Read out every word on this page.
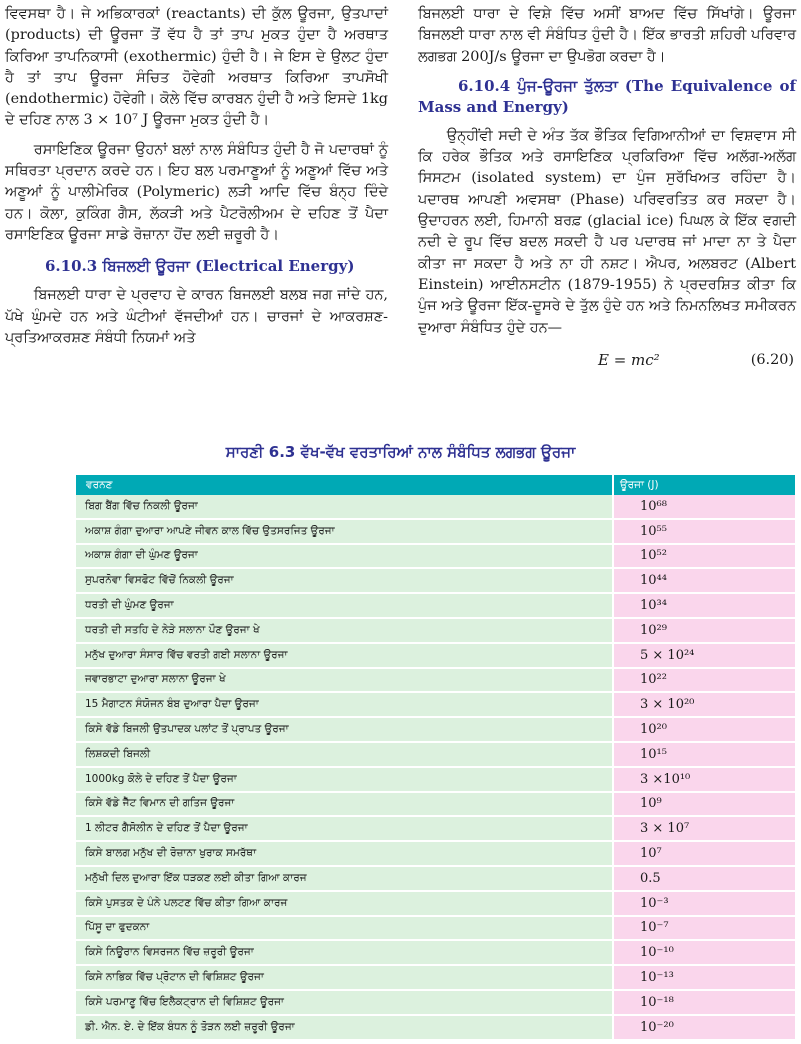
ਵਿਵਸਥਾ ਹੈ। ਜੇ ਅਭਿਕਾਰਕਾਂ (reactants) ਦੀ ਕੁੱਲ ਊਰਜਾ, ਉਤਪਾਦਾਂ (products) ਦੀ ਊਰਜਾ ਤੋਂ ਵੱਧ ਹੈ ਤਾਂ ਤਾਪ ਮੁਕਤ ਹੁੰਦਾ ਹੈ ਅਰਥਾਤ ਕਿਰਿਆ ਤਾਪਨਿਕਾਸੀ (exothermic) ਹੁੰਦੀ ਹੈ। ਜੇ ਇਸ ਦੇ ਉਲਟ ਹੁੰਦਾ ਹੈ ਤਾਂ ਤਾਪ ਊਰਜਾ ਸੰਚਿਤ ਹੋਵੇਗੀ ਅਰਥਾਤ ਕਿਰਿਆ ਤਾਪਸੋਖੀ (endothermic) ਹੋਵੇਗੀ। ਕੋਲੇ ਵਿੱਚ ਕਾਰਬਨ ਹੁੰਦੀ ਹੈ ਅਤੇ ਇਸਦੇ 1kg ਦੇ ਦਹਿਣ ਨਾਲ 3 × 10⁷ J ਊਰਜਾ ਮੁਕਤ ਹੁੰਦੀ ਹੈ।

ਰਸਾਇਣਿਕ ਊਰਜਾ ਉਹਨਾਂ ਬਲਾਂ ਨਾਲ ਸੰਬੰਧਿਤ ਹੁੰਦੀ ਹੈ ਜੋ ਪਦਾਰਥਾਂ ਨੂੰ ਸਥਿਰਤਾ ਪ੍ਰਦਾਨ ਕਰਦੇ ਹਨ। ਇਹ ਬਲ ਪਰਮਾਣੂਆਂ ਨੂੰ ਅਣੂਆਂ ਵਿੱਚ ਅਤੇ ਅਣੂਆਂ ਨੂੰ ਪਾਲੀਮੇਰਿਕ (Polymeric) ਲੜੀ ਆਦਿ ਵਿੱਚ ਬੰਨ੍ਹ ਦਿੰਦੇ ਹਨ। ਕੋਲਾ, ਕੁਕਿੰਗ ਗੈਸ, ਲੱਕੜੀ ਅਤੇ ਪੈਟਰੋਲੀਅਮ ਦੇ ਦਹਿਣ ਤੋਂ ਪੈਦਾ ਰਸਾਇਣਿਕ ਊਰਜਾ ਸਾਡੇ ਰੋਜ਼ਾਨਾ ਹੋਂਦ ਲਈ ਜ਼ਰੂਰੀ ਹੈ।

6.10.3 ਬਿਜਲਈ ਊਰਜਾ (Electrical Energy)

ਬਿਜਲਈ ਧਾਰਾ ਦੇ ਪ੍ਰਵਾਹ ਦੇ ਕਾਰਨ ਬਿਜਲਈ ਬਲਬ ਜਗ ਜਾਂਦੇ ਹਨ, ਪੱਖੇ ਘੁੰਮਦੇ ਹਨ ਅਤੇ ਘੰਟੀਆਂ ਵੱਜਦੀਆਂ ਹਨ। ਚਾਰਜਾਂ ਦੇ ਆਕਰਸ਼ਣ-ਪ੍ਰਤਿਆਕਰਸ਼ਣ ਸੰਬੰਧੀ ਨਿਯਮਾਂ ਅਤੇ

ਬਿਜਲਈ ਧਾਰਾ ਦੇ ਵਿਸ਼ੇ ਵਿੱਚ ਅਸੀਂ ਬਾਅਦ ਵਿੱਚ ਸਿੱਖਾਂਗੇ। ਊਰਜਾ ਬਿਜਲਈ ਧਾਰਾ ਨਾਲ ਵੀ ਸੰਬੰਧਿਤ ਹੁੰਦੀ ਹੈ। ਇੱਕ ਭਾਰਤੀ ਸ਼ਹਿਰੀ ਪਰਿਵਾਰ ਲਗਭਗ 200J/s ਊਰਜਾ ਦਾ ਉਪਭੋਗ ਕਰਦਾ ਹੈ।

6.10.4 ਪੁੰਜ-ਊਰਜਾ ਤੁੱਲਤਾ (The Equivalence of Mass and Energy)

ਉਨ੍ਹੀਂਵੀ ਸਦੀ ਦੇ ਅੰਤ ਤੱਕ ਭੌਤਿਕ ਵਿਗਿਆਨੀਆਂ ਦਾ ਵਿਸ਼ਵਾਸ ਸੀ ਕਿ ਹਰੇਕ ਭੌਤਿਕ ਅਤੇ ਰਸਾਇਣਿਕ ਪ੍ਰਕਿਰਿਆ ਵਿੱਚ ਅਲੱਗ-ਅਲੱਗ ਸਿਸਟਮ (isolated system) ਦਾ ਪੁੰਜ ਸੁਰੱਖਿਅਤ ਰਹਿੰਦਾ ਹੈ। ਪਦਾਰਥ ਆਪਣੀ ਅਵਸਥਾ (Phase) ਪਰਿਵਰਤਿਤ ਕਰ ਸਕਦਾ ਹੈ। ਉਦਾਹਰਨ ਲਈ, ਹਿਮਾਨੀ ਬਰਫ਼ (glacial ice) ਪਿਘਲ ਕੇ ਇੱਕ ਵਗਦੀ ਨਦੀ ਦੇ ਰੂਪ ਵਿੱਚ ਬਦਲ ਸਕਦੀ ਹੈ ਪਰ ਪਦਾਰਥ ਜਾਂ ਮਾਦਾ ਨਾ ਤੇ ਪੈਦਾ ਕੀਤਾ ਜਾ ਸਕਦਾ ਹੈ ਅਤੇ ਨਾ ਹੀ ਨਸ਼ਟ। ਐਪਰ, ਅਲਬਰਟ (Albert Einstein) ਆਈਨਸਟੀਨ (1879-1955) ਨੇ ਪ੍ਰਦਰਸ਼ਿਤ ਕੀਤਾ ਕਿ ਪੁੰਜ ਅਤੇ ਊਰਜਾ ਇੱਕ-ਦੂਸਰੇ ਦੇ ਤੁੱਲ ਹੁੰਦੇ ਹਨ ਅਤੇ ਨਿਮਨਲਿਖਤ ਸਮੀਕਰਨ ਦੁਆਰਾ ਸੰਬੰਧਿਤ ਹੁੰਦੇ ਹਨ—

E = mc²	(6.20)
ਸਾਰਣੀ 6.3 ਵੱਖ-ਵੱਖ ਵਰਤਾਰਿਆਂ ਨਾਲ ਸੰਬੰਧਿਤ ਲਗਭਗ ਊਰਜਾ
ਵਰਨਣ	ਊਰਜਾ (J)
ਬਿਗ ਬੈਂਗ ਵਿੱਚ ਨਿਕਲੀ ਊਰਜਾ	10⁶⁸
ਅਕਾਸ਼ ਗੰਗਾ ਦੁਆਰਾ ਆਪਣੇ ਜੀਵਨ ਕਾਲ ਵਿੱਚ ਉਤਸਰਜਿਤ ਊਰਜਾ	10⁵⁵
ਅਕਾਸ਼ ਗੰਗਾ ਦੀ ਘੁੰਮਣ ਊਰਜਾ	10⁵²
ਸੁਪਰਨੋਵਾ ਵਿਸਫੋਟ ਵਿੱਚੋਂ ਨਿਕਲੀ ਊਰਜਾ	10⁴⁴
ਧਰਤੀ ਦੀ ਘੁੰਮਣ ਊਰਜਾ	10³⁴
ਧਰਤੀ ਦੀ ਸਤਹਿ ਦੇ ਨੇੜੇ ਸਲਾਨਾ ਪੌਣ ਊਰਜਾ ਖੇ	10²⁹
ਮਨੁੱਖ ਦੁਆਰਾ ਸੰਸਾਰ ਵਿੱਚ ਵਰਤੀ ਗਈ ਸਲਾਨਾ ਊਰਜਾ	5 × 10²⁴
ਜਵਾਰਭਾਟਾ ਦੁਆਰਾ ਸਲਾਨਾ ਊਰਜਾ ਖੇ	10²²
15 ਮੈਗਾਟਨ ਸੰਯੋਜਨ ਬੰਬ ਦੁਆਰਾ ਪੈਦਾ ਊਰਜਾ	3 × 10²⁰
ਕਿਸੇ ਵੱਡੇ ਬਿਜਲੀ ਉਤਪਾਦਕ ਪਲਾਂਟ ਤੋਂ ਪ੍ਰਾਪਤ ਊਰਜਾ	10²⁰
ਲਿਸ਼ਕਦੀ ਬਿਜਲੀ	10¹⁵
1000kg ਕੋਲੇ ਦੇ ਦਹਿਣ ਤੋਂ ਪੈਦਾ ਊਰਜਾ	3 ×10¹⁰
ਕਿਸੇ ਵੱਡੇ ਜੈੱਟ ਵਿਮਾਨ ਦੀ ਗਤਿਜ ਊਰਜਾ	10⁹
1 ਲੀਟਰ ਗੈਸੋਲੀਨ ਦੇ ਦਹਿਣ ਤੋਂ ਪੈਦਾ ਊਰਜਾ	3 × 10⁷
ਕਿਸੇ ਬਾਲਗ ਮਨੁੱਖ ਦੀ ਰੋਜ਼ਾਨਾ ਖੁਰਾਕ ਸਮਰੱਥਾ	10⁷
ਮਨੁੱਖੀ ਦਿਲ ਦੁਆਰਾ ਇੱਕ ਧੜਕਣ ਲਈ ਕੀਤਾ ਗਿਆ ਕਾਰਜ	0.5
ਕਿਸੇ ਪੁਸਤਕ ਦੇ ਪੰਨੇ ਪਲਟਣ ਵਿੱਚ ਕੀਤਾ ਗਿਆ ਕਾਰਜ	10⁻³
ਪਿੱਸੂ ਦਾ ਫੁਦਕਨਾ	10⁻⁷
ਕਿਸੇ ਨਿਊਰਾਨ ਵਿਸਰਜਨ ਵਿੱਚ ਜ਼ਰੂਰੀ ਊਰਜਾ	10⁻¹⁰
ਕਿਸੇ ਨਾਭਿਕ ਵਿੱਚ ਪ੍ਰੋਟਾਨ ਦੀ ਵਿਸ਼ਿਸ਼ਟ ਊਰਜਾ	10⁻¹³
ਕਿਸੇ ਪਰਮਾਣੂ ਵਿੱਚ ਇਲੈਕਟ੍ਰਾਨ ਦੀ ਵਿਸ਼ਿਸ਼ਟ ਊਰਜਾ	10⁻¹⁸
ਡੀ. ਐਨ. ਏ. ਦੇ ਇੱਕ ਬੰਧਨ ਨੂੰ ਤੋੜਨ ਲਈ ਜ਼ਰੂਰੀ ਊਰਜਾ	10⁻²⁰
